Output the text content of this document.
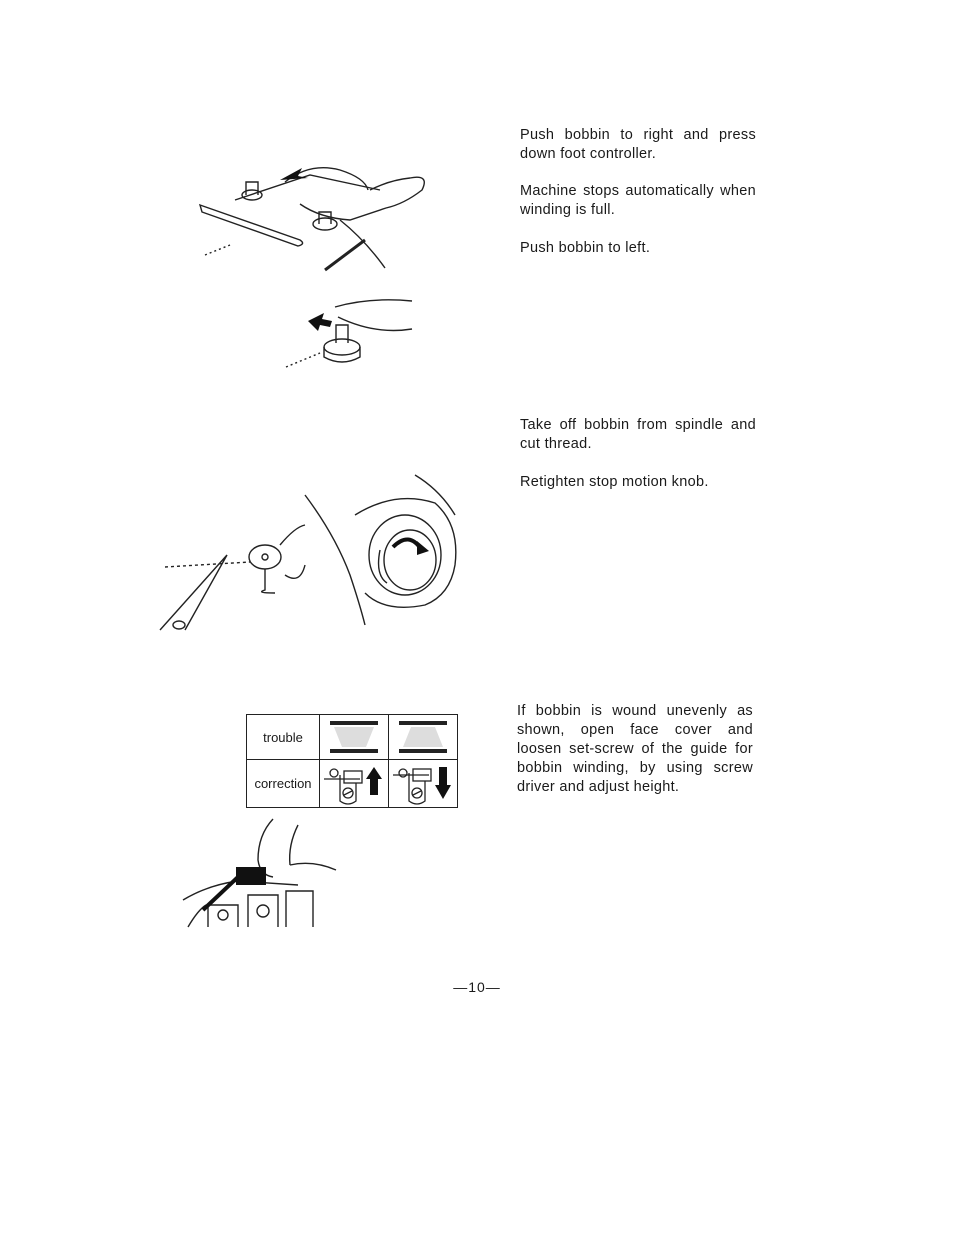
Push bobbin to right and press down foot controller.

Machine stops automatically when winding is full.

Push bobbin to left.

Take off bobbin from spindle and cut thread.

Retighten stop motion knob.

If bobbin is wound unevenly as shown, open face cover and loosen set-screw of the guide for bobbin winding, by using screw driver and adjust height.

trouble	

correction	

—10—
